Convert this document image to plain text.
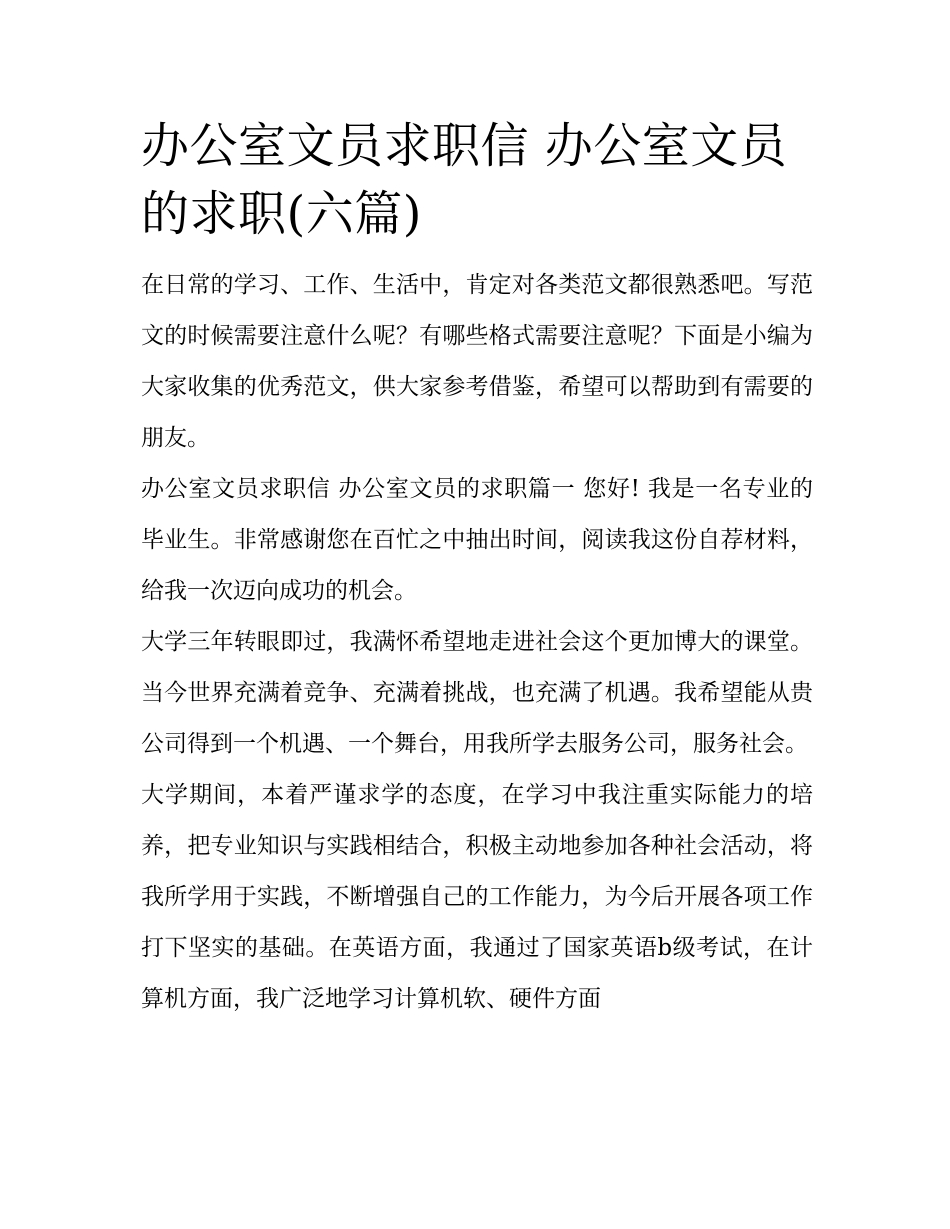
办公室文员求职信 办公室文员的求职(六篇)

在日常的学习、工作、生活中，肯定对各类范文都很熟悉吧。写范文的时候需要注意什么呢？有哪些格式需要注意呢？下面是小编为大家收集的优秀范文，供大家参考借鉴，希望可以帮助到有需要的朋友。

办公室文员求职信 办公室文员的求职篇一 您好! 我是一名专业的毕业生。非常感谢您在百忙之中抽出时间，阅读我这份自荐材料，给我一次迈向成功的机会。

大学三年转眼即过，我满怀希望地走进社会这个更加博大的课堂。当今世界充满着竞争、充满着挑战，也充满了机遇。我希望能从贵公司得到一个机遇、一个舞台，用我所学去服务公司，服务社会。

大学期间，本着严谨求学的态度，在学习中我注重实际能力的培养，把专业知识与实践相结合，积极主动地参加各种社会活动，将我所学用于实践，不断增强自己的工作能力，为今后开展各项工作打下坚实的基础。在英语方面，我通过了国家英语b级考试，在计算机方面，我广泛地学习计算机软、硬件方面
